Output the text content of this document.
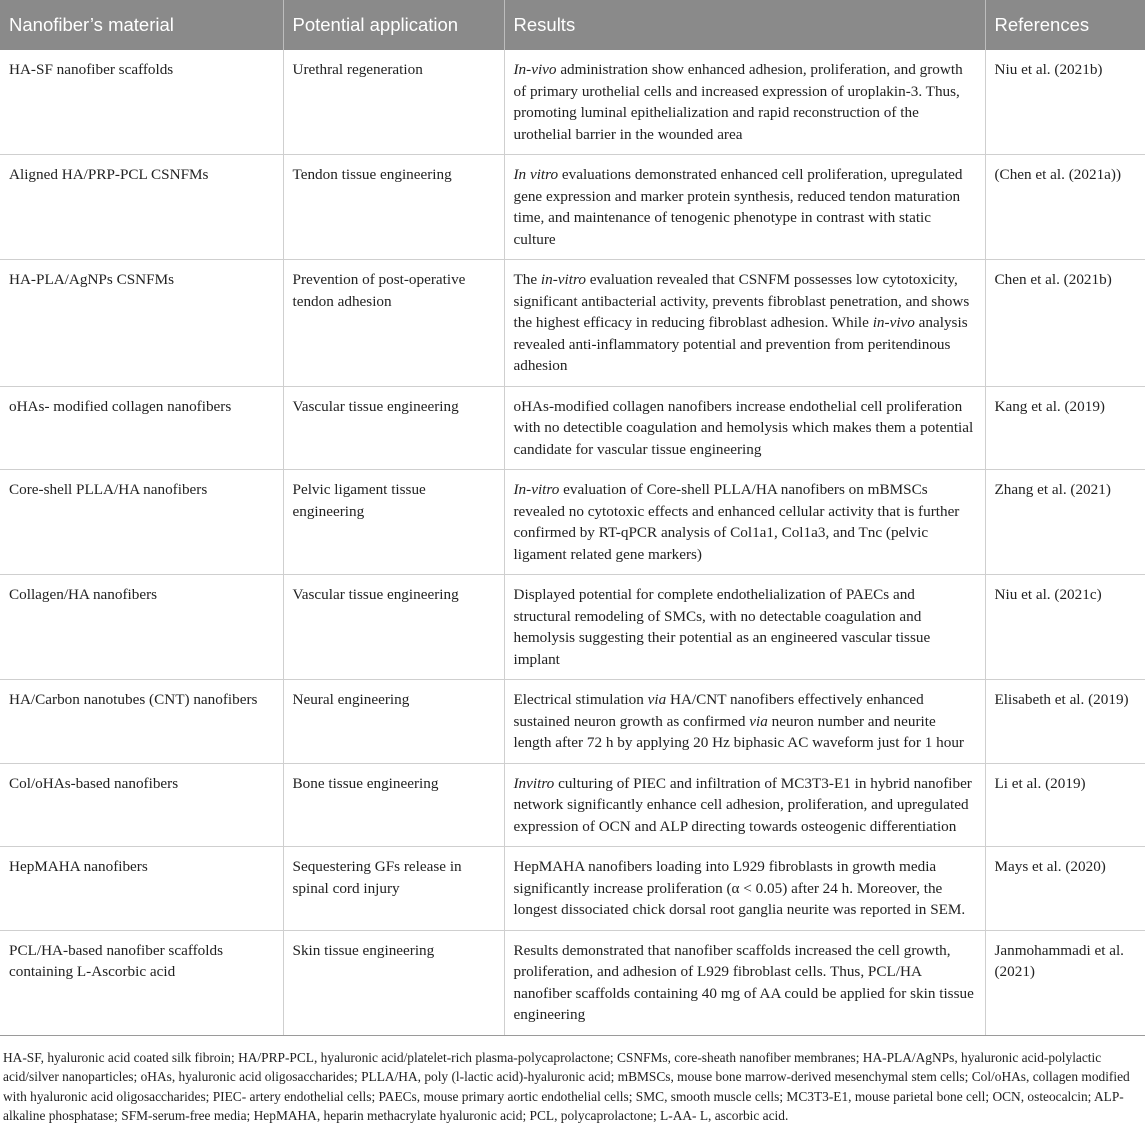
Nanofiber’s material	Potential application	Results	References
HA-SF nanofiber scaffolds	Urethral regeneration	In-vivo administration show enhanced adhesion, proliferation, and growth of primary urothelial cells and increased expression of uroplakin-3. Thus, promoting luminal epithelialization and rapid reconstruction of the urothelial barrier in the wounded area	Niu et al. (2021b)
Aligned HA/PRP-PCL CSNFMs	Tendon tissue engineering	In vitro evaluations demonstrated enhanced cell proliferation, upregulated gene expression and marker protein synthesis, reduced tendon maturation time, and maintenance of tenogenic phenotype in contrast with static culture	(Chen et al. (2021a))
HA-PLA/AgNPs CSNFMs	Prevention of post-operative tendon adhesion	The in-vitro evaluation revealed that CSNFM possesses low cytotoxicity, significant antibacterial activity, prevents fibroblast penetration, and shows the highest efficacy in reducing fibroblast adhesion. While in-vivo analysis revealed anti-inflammatory potential and prevention from peritendinous adhesion	Chen et al. (2021b)
oHAs- modified collagen nanofibers	Vascular tissue engineering	oHAs-modified collagen nanofibers increase endothelial cell proliferation with no detectible coagulation and hemolysis which makes them a potential candidate for vascular tissue engineering	Kang et al. (2019)
Core-shell PLLA/HA nanofibers	Pelvic ligament tissue engineering	In-vitro evaluation of Core-shell PLLA/HA nanofibers on mBMSCs revealed no cytotoxic effects and enhanced cellular activity that is further confirmed by RT-qPCR analysis of Col1a1, Col1a3, and Tnc (pelvic ligament related gene markers)	Zhang et al. (2021)
Collagen/HA nanofibers	Vascular tissue engineering	Displayed potential for complete endothelialization of PAECs and structural remodeling of SMCs, with no detectable coagulation and hemolysis suggesting their potential as an engineered vascular tissue implant	Niu et al. (2021c)
HA/Carbon nanotubes (CNT) nanofibers	Neural engineering	Electrical stimulation via HA/CNT nanofibers effectively enhanced sustained neuron growth as confirmed via neuron number and neurite length after 72 h by applying 20 Hz biphasic AC waveform just for 1 hour	Elisabeth et al. (2019)
Col/oHAs-based nanofibers	Bone tissue engineering	Invitro culturing of PIEC and infiltration of MC3T3-E1 in hybrid nanofiber network significantly enhance cell adhesion, proliferation, and upregulated expression of OCN and ALP directing towards osteogenic differentiation	Li et al. (2019)
HepMAHA nanofibers	Sequestering GFs release in spinal cord injury	HepMAHA nanofibers loading into L929 fibroblasts in growth media significantly increase proliferation (α < 0.05) after 24 h. Moreover, the longest dissociated chick dorsal root ganglia neurite was reported in SEM.	Mays et al. (2020)
PCL/HA-based nanofiber scaffolds containing L-Ascorbic acid	Skin tissue engineering	Results demonstrated that nanofiber scaffolds increased the cell growth, proliferation, and adhesion of L929 fibroblast cells. Thus, PCL/HA nanofiber scaffolds containing 40 mg of AA could be applied for skin tissue engineering	Janmohammadi et al. (2021)
HA-SF, hyaluronic acid coated silk fibroin; HA/PRP-PCL, hyaluronic acid/platelet-rich plasma-polycaprolactone; CSNFMs, core-sheath nanofiber membranes; HA-PLA/AgNPs, hyaluronic acid-polylactic acid/silver nanoparticles; oHAs, hyaluronic acid oligosaccharides; PLLA/HA, poly (l-lactic acid)-hyaluronic acid; mBMSCs, mouse bone marrow-derived mesenchymal stem cells; Col/oHAs, collagen modified with hyaluronic acid oligosaccharides; PIEC- artery endothelial cells; PAECs, mouse primary aortic endothelial cells; SMC, smooth muscle cells; MC3T3-E1, mouse parietal bone cell; OCN, osteocalcin; ALP-alkaline phosphatase; SFM-serum-free media; HepMAHA, heparin methacrylate hyaluronic acid; PCL, polycaprolactone; L-AA- L, ascorbic acid.
